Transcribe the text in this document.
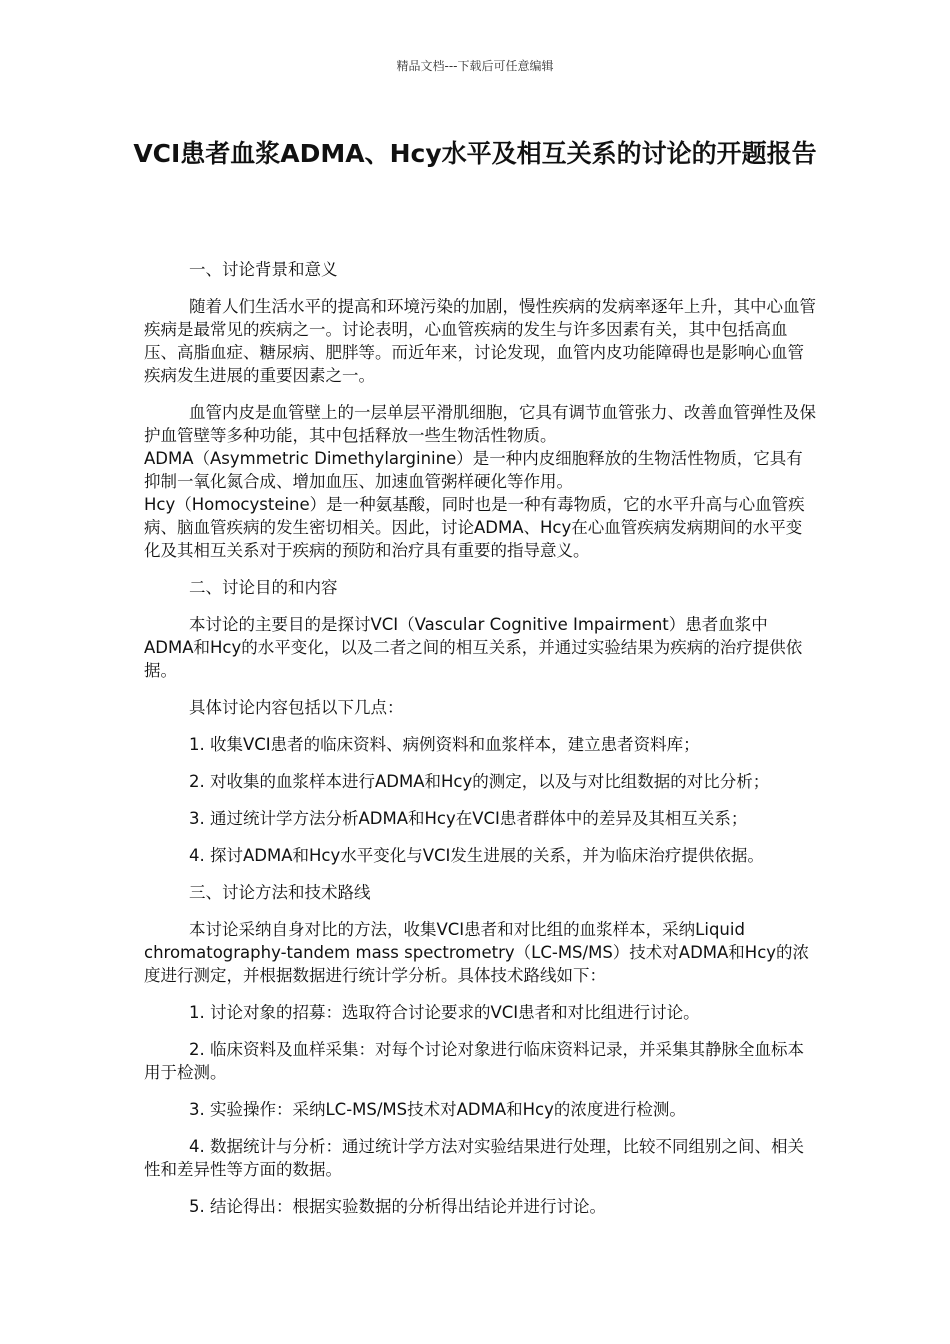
精品文档---下载后可任意编辑
VCI患者血浆ADMA、Hcy水平及相互关系的讨论的开题报告

一、讨论背景和意义

随着人们生活水平的提高和环境污染的加剧，慢性疾病的发病率逐年上升，其中心血管疾病是最常见的疾病之一。讨论表明，心血管疾病的发生与许多因素有关，其中包括高血压、高脂血症、糖尿病、肥胖等。而近年来，讨论发现，血管内皮功能障碍也是影响心血管疾病发生进展的重要因素之一。

血管内皮是血管壁上的一层单层平滑肌细胞，它具有调节血管张力、改善血管弹性及保护血管壁等多种功能，其中包括释放一些生物活性物质。

ADMA（Asymmetric Dimethylarginine）是一种内皮细胞释放的生物活性物质，它具有抑制一氧化氮合成、增加血压、加速血管粥样硬化等作用。

Hcy（Homocysteine）是一种氨基酸，同时也是一种有毒物质，它的水平升高与心血管疾病、脑血管疾病的发生密切相关。因此，讨论ADMA、Hcy在心血管疾病发病期间的水平变化及其相互关系对于疾病的预防和治疗具有重要的指导意义。

二、讨论目的和内容

本讨论的主要目的是探讨VCI（Vascular Cognitive Impairment）患者血浆中ADMA和Hcy的水平变化，以及二者之间的相互关系，并通过实验结果为疾病的治疗提供依据。

具体讨论内容包括以下几点：

1. 收集VCI患者的临床资料、病例资料和血浆样本，建立患者资料库；

2. 对收集的血浆样本进行ADMA和Hcy的测定，以及与对比组数据的对比分析；

3. 通过统计学方法分析ADMA和Hcy在VCI患者群体中的差异及其相互关系；

4. 探讨ADMA和Hcy水平变化与VCI发生进展的关系，并为临床治疗提供依据。

三、讨论方法和技术路线

本讨论采纳自身对比的方法，收集VCI患者和对比组的血浆样本，采纳Liquid chromatography-tandem mass spectrometry（LC-MS/MS）技术对ADMA和Hcy的浓度进行测定，并根据数据进行统计学分析。具体技术路线如下：

1. 讨论对象的招募：选取符合讨论要求的VCI患者和对比组进行讨论。

2. 临床资料及血样采集：对每个讨论对象进行临床资料记录，并采集其静脉全血标本用于检测。

3. 实验操作：采纳LC-MS/MS技术对ADMA和Hcy的浓度进行检测。

4. 数据统计与分析：通过统计学方法对实验结果进行处理，比较不同组别之间、相关性和差异性等方面的数据。

5. 结论得出：根据实验数据的分析得出结论并进行讨论。
